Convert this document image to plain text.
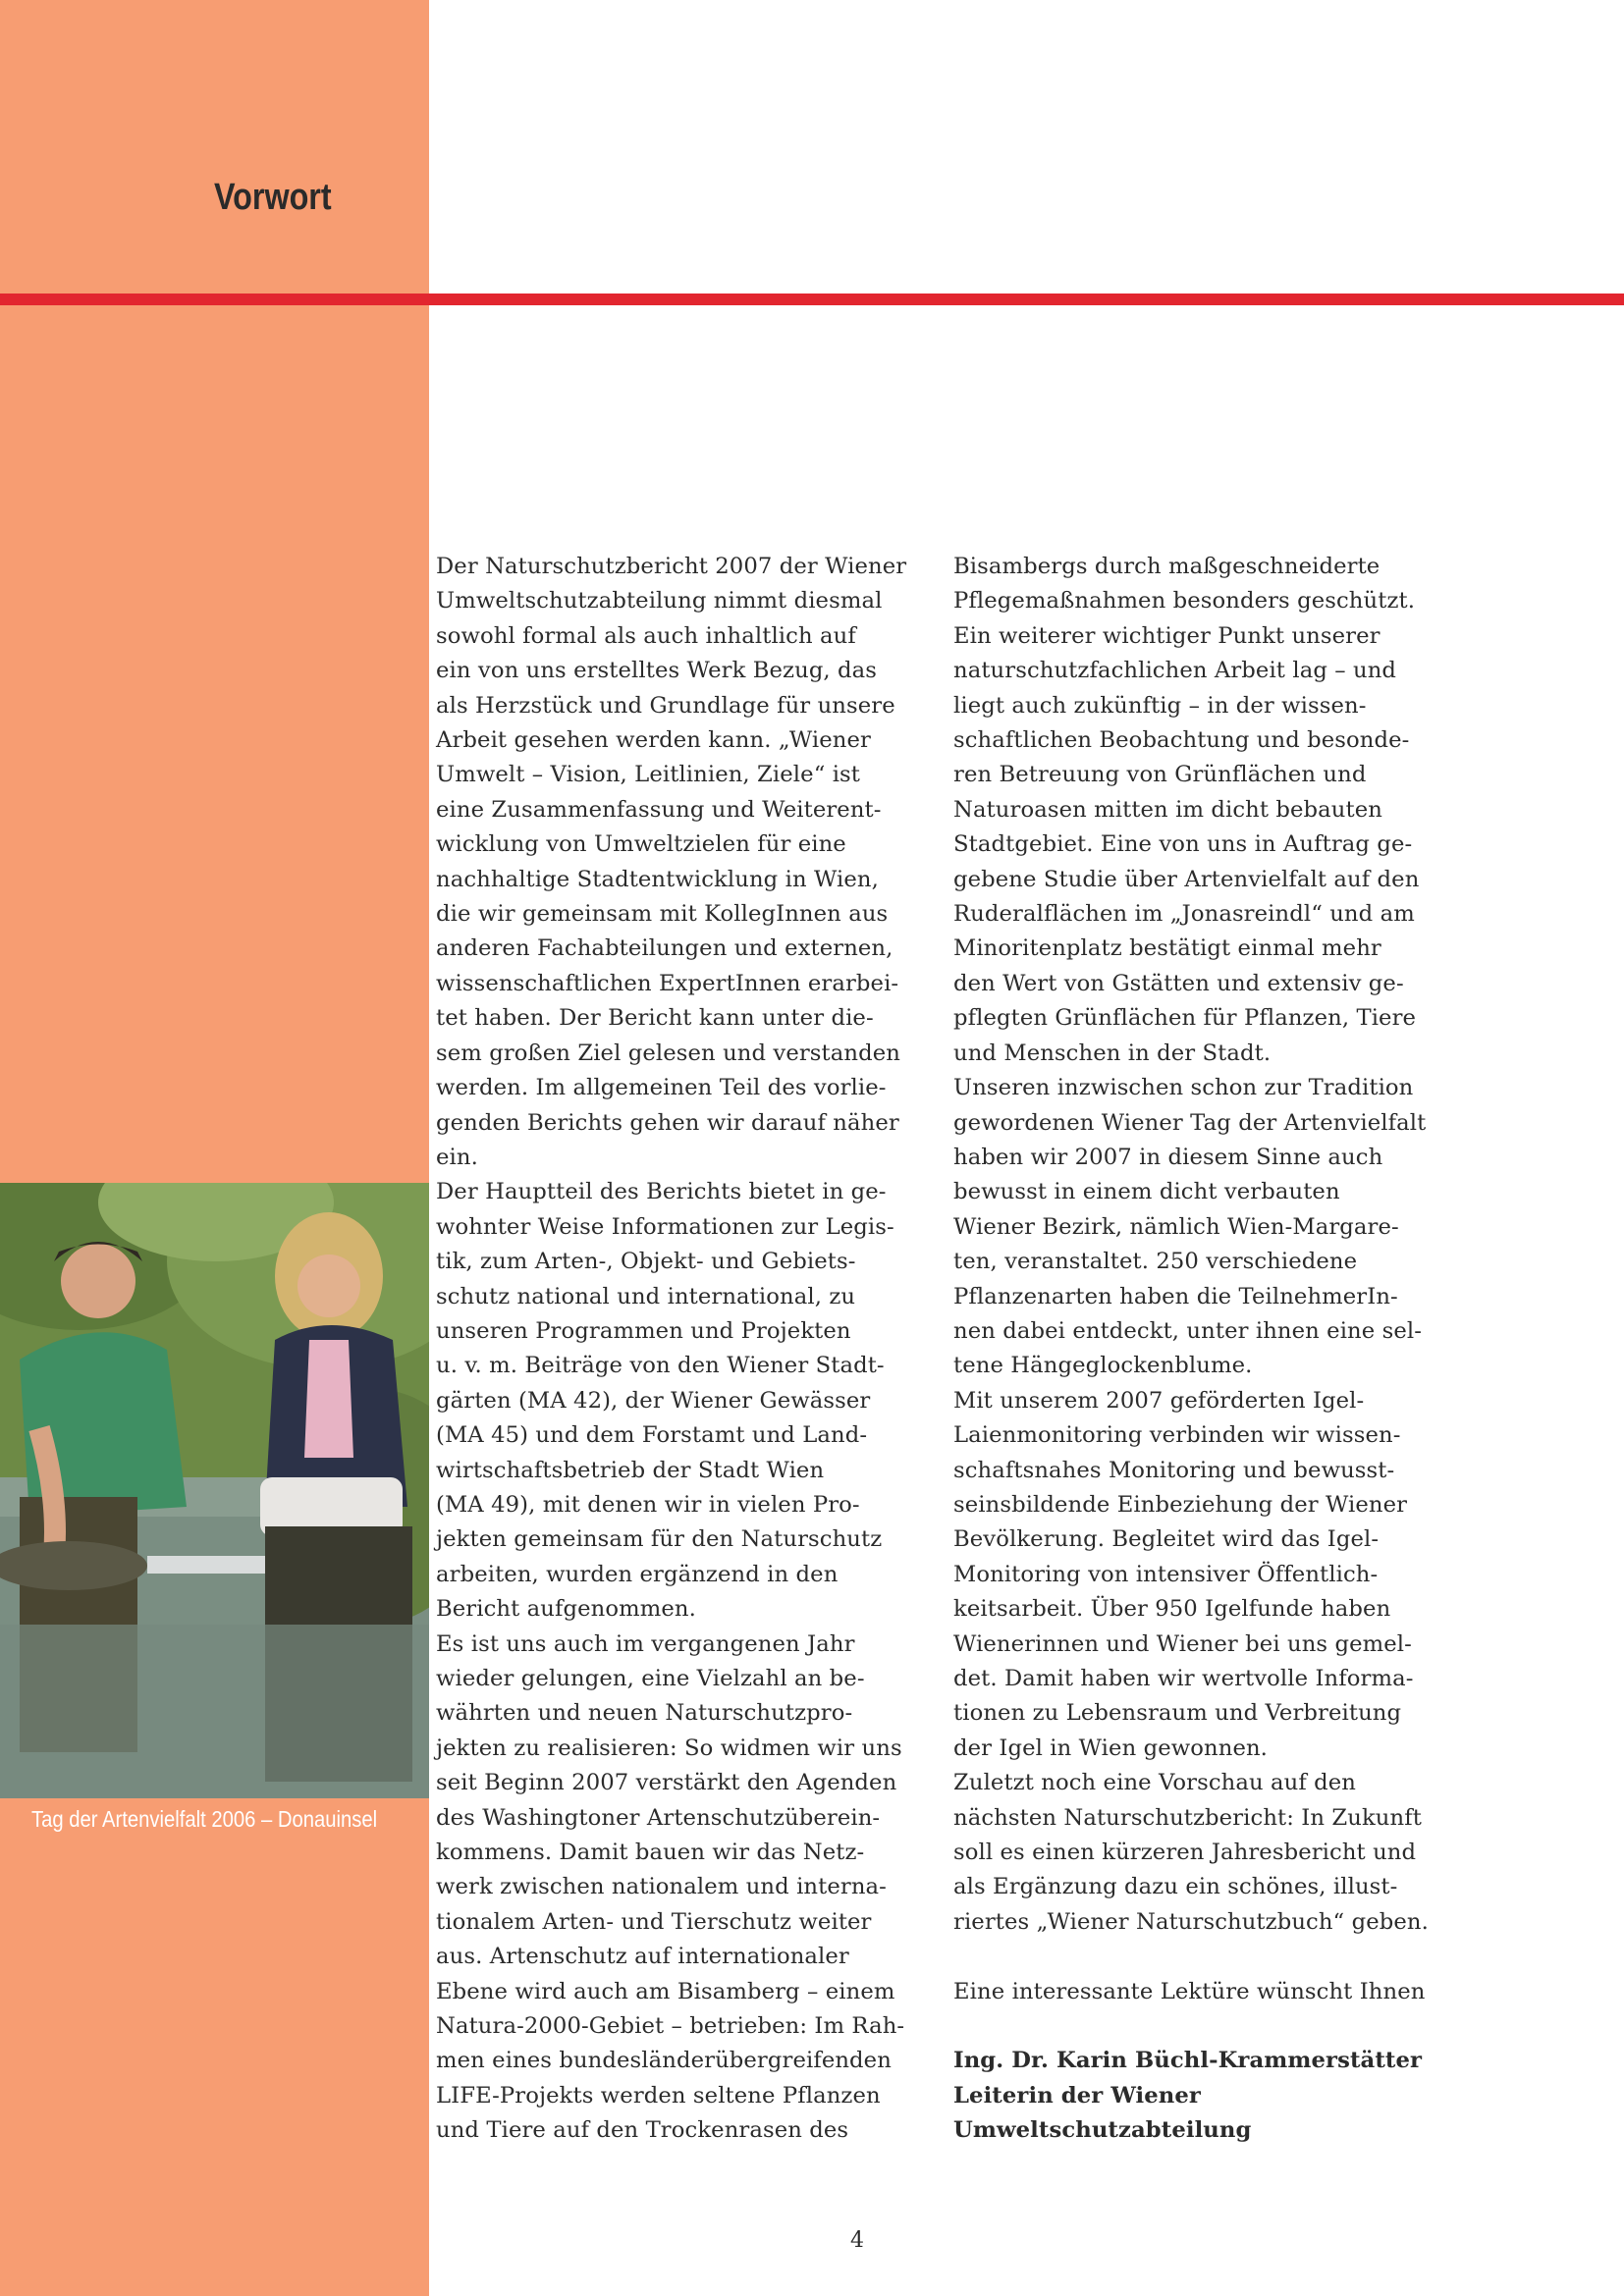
Vorwort

Tag der Artenvielfalt 2006 – Donauinsel

Der Naturschutzbericht 2007 der Wiener
Umweltschutzabteilung nimmt diesmal
sowohl formal als auch inhaltlich auf
ein von uns erstelltes Werk Bezug, das
als Herzstück und Grundlage für unsere
Arbeit gesehen werden kann. „Wiener
Umwelt – Vision, Leitlinien, Ziele“ ist
eine Zusammenfassung und Weiterent-
wicklung von Umweltzielen für eine
nachhaltige Stadtentwicklung in Wien,
die wir gemeinsam mit KollegInnen aus
anderen Fachabteilungen und externen,
wissenschaftlichen ExpertInnen erarbei-
tet haben. Der Bericht kann unter die-
sem großen Ziel gelesen und verstanden
werden. Im allgemeinen Teil des vorlie-
genden Berichts gehen wir darauf näher
ein.

Der Hauptteil des Berichts bietet in ge-
wohnter Weise Informationen zur Legis-
tik, zum Arten-, Objekt- und Gebiets-
schutz national und international, zu
unseren Programmen und Projekten
u. v. m. Beiträge von den Wiener Stadt-
gärten (MA 42), der Wiener Gewässer
(MA 45) und dem Forstamt und Land-
wirtschaftsbetrieb der Stadt Wien
(MA 49), mit denen wir in vielen Pro-
jekten gemeinsam für den Naturschutz
arbeiten, wurden ergänzend in den
Bericht aufgenommen.

Es ist uns auch im vergangenen Jahr
wieder gelungen, eine Vielzahl an be-
währten und neuen Naturschutzpro-
jekten zu realisieren: So widmen wir uns
seit Beginn 2007 verstärkt den Agenden
des Washingtoner Artenschutzüberein-
kommens. Damit bauen wir das Netz-
werk zwischen nationalem und interna-
tionalem Arten- und Tierschutz weiter
aus. Artenschutz auf internationaler
Ebene wird auch am Bisamberg – einem
Natura-2000-Gebiet – betrieben: Im Rah-
men eines bundesländerübergreifenden
LIFE-Projekts werden seltene Pflanzen
und Tiere auf den Trockenrasen des

Bisambergs durch maßgeschneiderte
Pflegemaßnahmen besonders geschützt.
Ein weiterer wichtiger Punkt unserer
naturschutzfachlichen Arbeit lag – und
liegt auch zukünftig – in der wissen-
schaftlichen Beobachtung und besonde-
ren Betreuung von Grünflächen und
Naturoasen mitten im dicht bebauten
Stadtgebiet. Eine von uns in Auftrag ge-
gebene Studie über Artenvielfalt auf den
Ruderalflächen im „Jonasreindl“ und am
Minoritenplatz bestätigt einmal mehr
den Wert von Gstätten und extensiv ge-
pflegten Grünflächen für Pflanzen, Tiere
und Menschen in der Stadt.

Unseren inzwischen schon zur Tradition
gewordenen Wiener Tag der Artenvielfalt
haben wir 2007 in diesem Sinne auch
bewusst in einem dicht verbauten
Wiener Bezirk, nämlich Wien-Margare-
ten, veranstaltet. 250 verschiedene
Pflanzenarten haben die TeilnehmerIn-
nen dabei entdeckt, unter ihnen eine sel-
tene Hängeglockenblume.

Mit unserem 2007 geförderten Igel-
Laienmonitoring verbinden wir wissen-
schaftsnahes Monitoring und bewusst-
seinsbildende Einbeziehung der Wiener
Bevölkerung. Begleitet wird das Igel-
Monitoring von intensiver Öffentlich-
keitsarbeit. Über 950 Igelfunde haben
Wienerinnen und Wiener bei uns gemel-
det. Damit haben wir wertvolle Informa-
tionen zu Lebensraum und Verbreitung
der Igel in Wien gewonnen.

Zuletzt noch eine Vorschau auf den
nächsten Naturschutzbericht: In Zukunft
soll es einen kürzeren Jahresbericht und
als Ergänzung dazu ein schönes, illust-
riertes „Wiener Naturschutzbuch“ geben.

Eine interessante Lektüre wünscht Ihnen

Ing. Dr. Karin Büchl-Krammerstätter
Leiterin der Wiener
Umweltschutzabteilung

4
